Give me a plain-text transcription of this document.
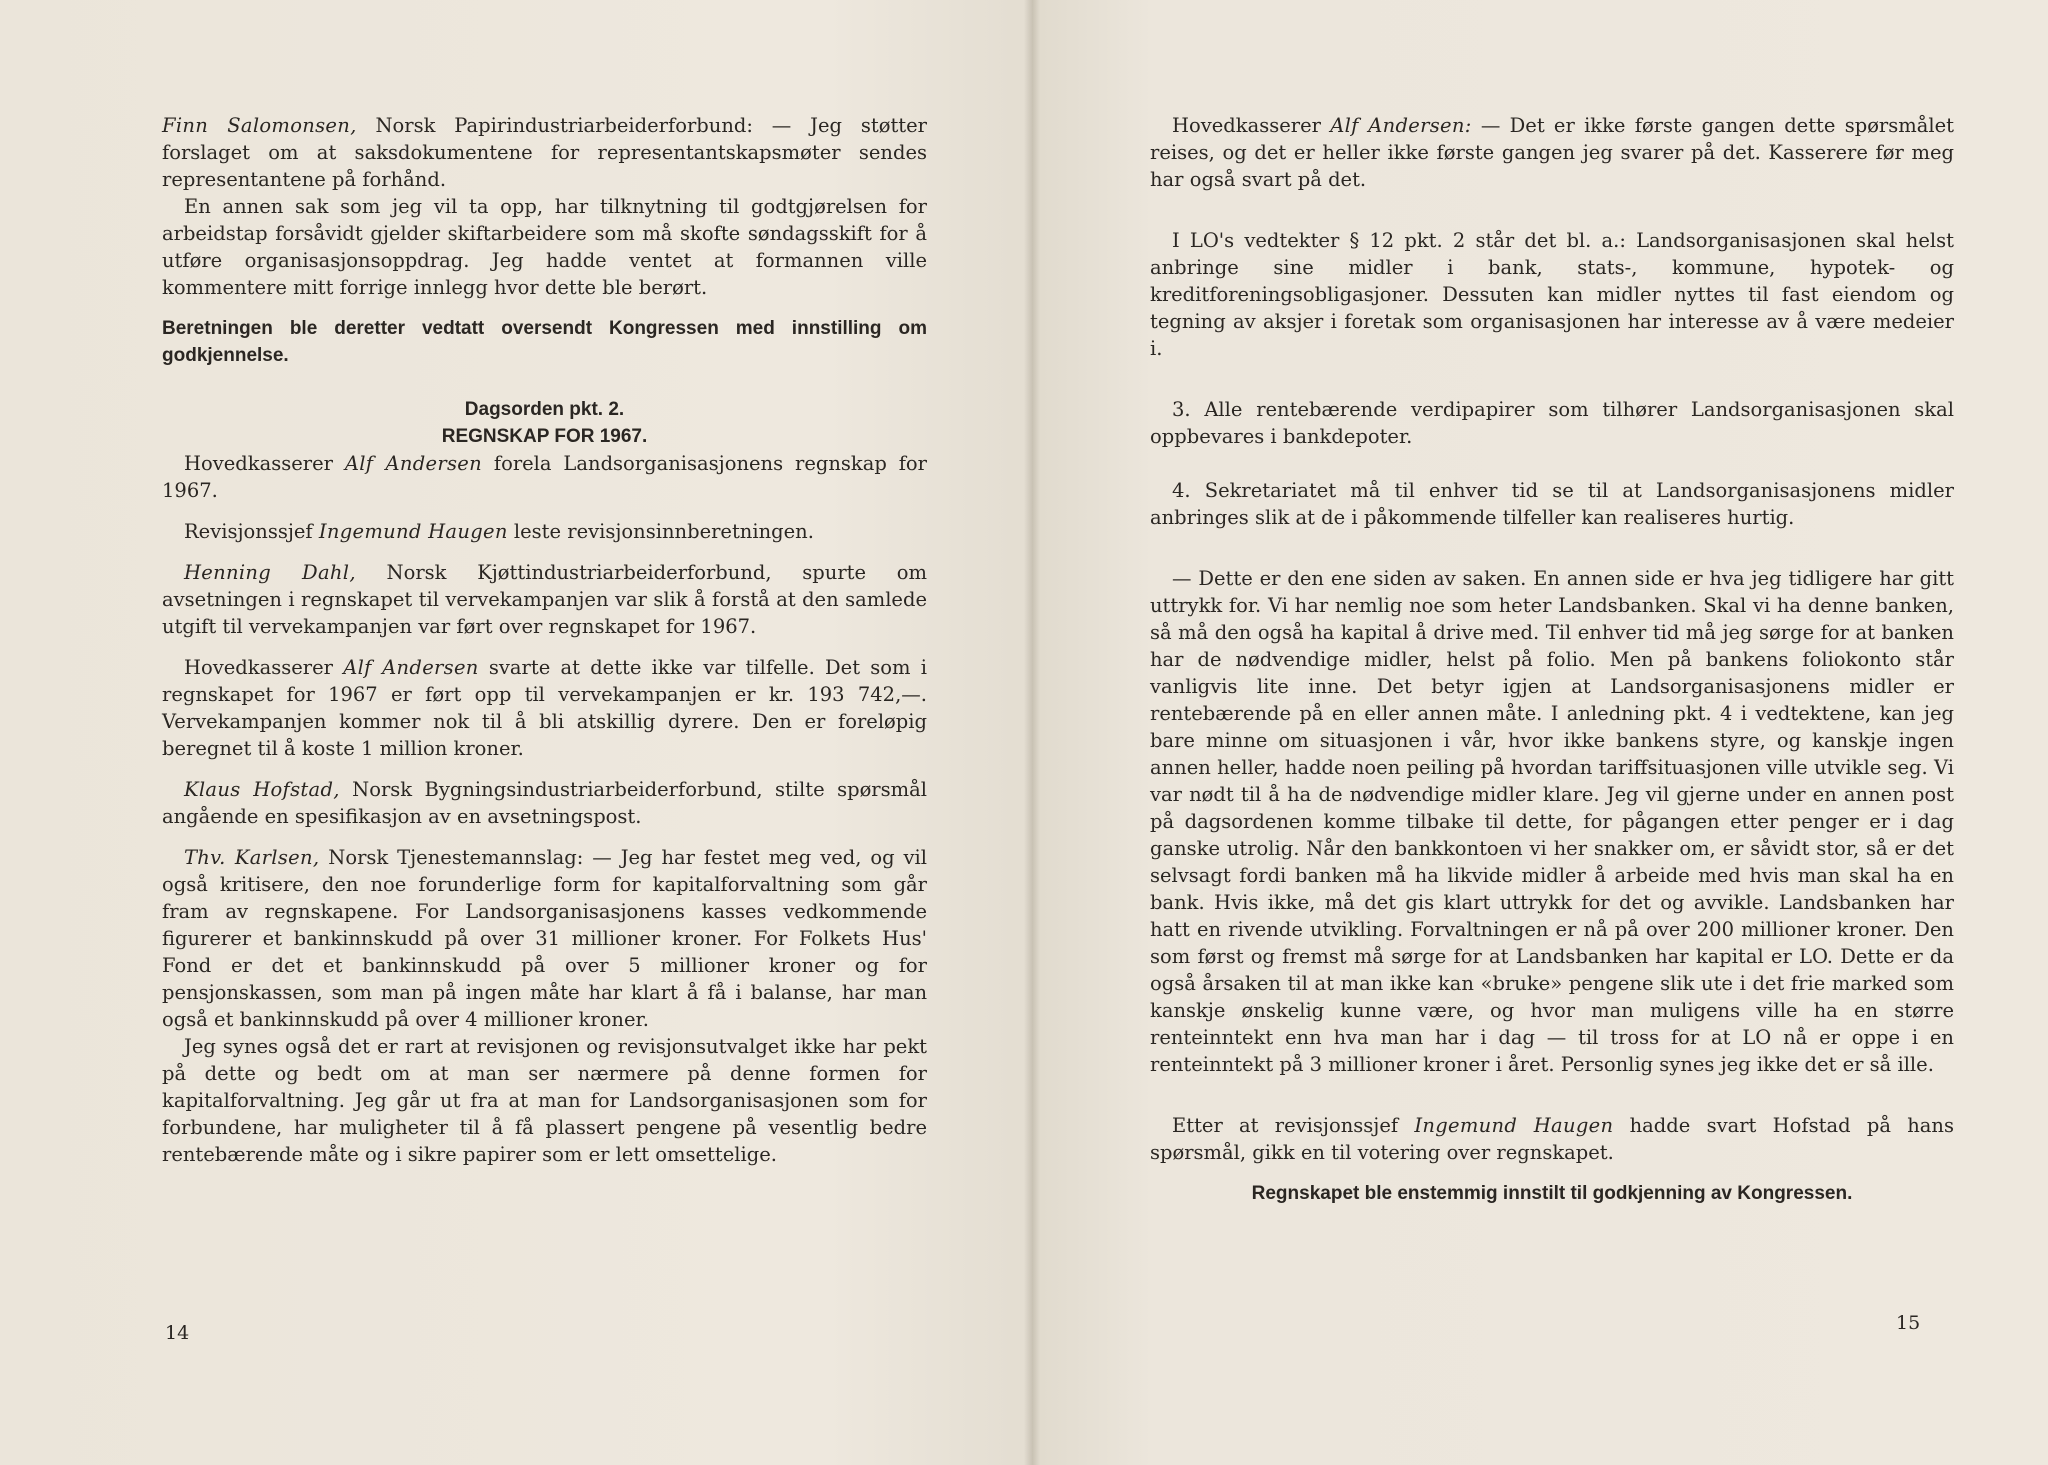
Finn Salomonsen, Norsk Papirindustriarbeiderforbund: — Jeg støtter forslaget om at saksdokumentene for representantskapsmøter sendes representantene på forhånd.

En annen sak som jeg vil ta opp, har tilknytning til godtgjørelsen for arbeidstap forsåvidt gjelder skiftarbeidere som må skofte søndagsskift for å utføre organisasjonsoppdrag. Jeg hadde ventet at formannen ville kommentere mitt forrige innlegg hvor dette ble berørt.

Beretningen ble deretter vedtatt oversendt Kongressen med innstilling om godkjennelse.

Dagsorden pkt. 2.

REGNSKAP FOR 1967.

Hovedkasserer Alf Andersen forela Landsorganisasjonens regnskap for 1967.

Revisjonssjef Ingemund Haugen leste revisjonsinnberetningen.

Henning Dahl, Norsk Kjøttindustriarbeiderforbund, spurte om avsetningen i regnskapet til vervekampanjen var slik å forstå at den samlede utgift til vervekampanjen var ført over regnskapet for 1967.

Hovedkasserer Alf Andersen svarte at dette ikke var tilfelle. Det som i regnskapet for 1967 er ført opp til vervekampanjen er kr. 193 742,—. Vervekampanjen kommer nok til å bli atskillig dyrere. Den er foreløpig beregnet til å koste 1 million kroner.

Klaus Hofstad, Norsk Bygningsindustriarbeiderforbund, stilte spørsmål angående en spesifikasjon av en avsetningspost.

Thv. Karlsen, Norsk Tjenestemannslag: — Jeg har festet meg ved, og vil også kritisere, den noe forunderlige form for kapitalforvaltning som går fram av regnskapene. For Landsorganisasjonens kasses vedkommende figurerer et bankinnskudd på over 31 millioner kroner. For Folkets Hus' Fond er det et bankinnskudd på over 5 millioner kroner og for pensjonskassen, som man på ingen måte har klart å få i balanse, har man også et bankinnskudd på over 4 millioner kroner.

Jeg synes også det er rart at revisjonen og revisjonsutvalget ikke har pekt på dette og bedt om at man ser nærmere på denne formen for kapitalforvaltning. Jeg går ut fra at man for Landsorganisasjonen som for forbundene, har muligheter til å få plassert pengene på vesentlig bedre rentebærende måte og i sikre papirer som er lett omsettelige.

14

Hovedkasserer Alf Andersen: — Det er ikke første gangen dette spørsmålet reises, og det er heller ikke første gangen jeg svarer på det. Kasserere før meg har også svart på det.

I LO's vedtekter § 12 pkt. 2 står det bl. a.: Landsorganisasjonen skal helst anbringe sine midler i bank, stats-, kommune, hypotek- og kreditforeningsobligasjoner. Dessuten kan midler nyttes til fast eiendom og tegning av aksjer i foretak som organisasjonen har interesse av å være medeier i.

3. Alle rentebærende verdipapirer som tilhører Landsorganisasjonen skal oppbevares i bankdepoter.

4. Sekretariatet må til enhver tid se til at Landsorganisasjonens midler anbringes slik at de i påkommende tilfeller kan realiseres hurtig.

— Dette er den ene siden av saken. En annen side er hva jeg tidligere har gitt uttrykk for. Vi har nemlig noe som heter Landsbanken. Skal vi ha denne banken, så må den også ha kapital å drive med. Til enhver tid må jeg sørge for at banken har de nødvendige midler, helst på folio. Men på bankens foliokonto står vanligvis lite inne. Det betyr igjen at Landsorganisasjonens midler er rentebærende på en eller annen måte. I anledning pkt. 4 i vedtektene, kan jeg bare minne om situasjonen i vår, hvor ikke bankens styre, og kanskje ingen annen heller, hadde noen peiling på hvordan tariffsituasjonen ville utvikle seg. Vi var nødt til å ha de nødvendige midler klare. Jeg vil gjerne under en annen post på dagsordenen komme tilbake til dette, for pågangen etter penger er i dag ganske utrolig. Når den bankkontoen vi her snakker om, er såvidt stor, så er det selvsagt fordi banken må ha likvide midler å arbeide med hvis man skal ha en bank. Hvis ikke, må det gis klart uttrykk for det og avvikle. Landsbanken har hatt en rivende utvikling. Forvaltningen er nå på over 200 millioner kroner. Den som først og fremst må sørge for at Landsbanken har kapital er LO. Dette er da også årsaken til at man ikke kan «bruke» pengene slik ute i det frie marked som kanskje ønskelig kunne være, og hvor man muligens ville ha en større renteinntekt enn hva man har i dag — til tross for at LO nå er oppe i en renteinntekt på 3 millioner kroner i året. Personlig synes jeg ikke det er så ille.

Etter at revisjonssjef Ingemund Haugen hadde svart Hofstad på hans spørsmål, gikk en til votering over regnskapet.

Regnskapet ble enstemmig innstilt til godkjenning av Kongressen.

15
